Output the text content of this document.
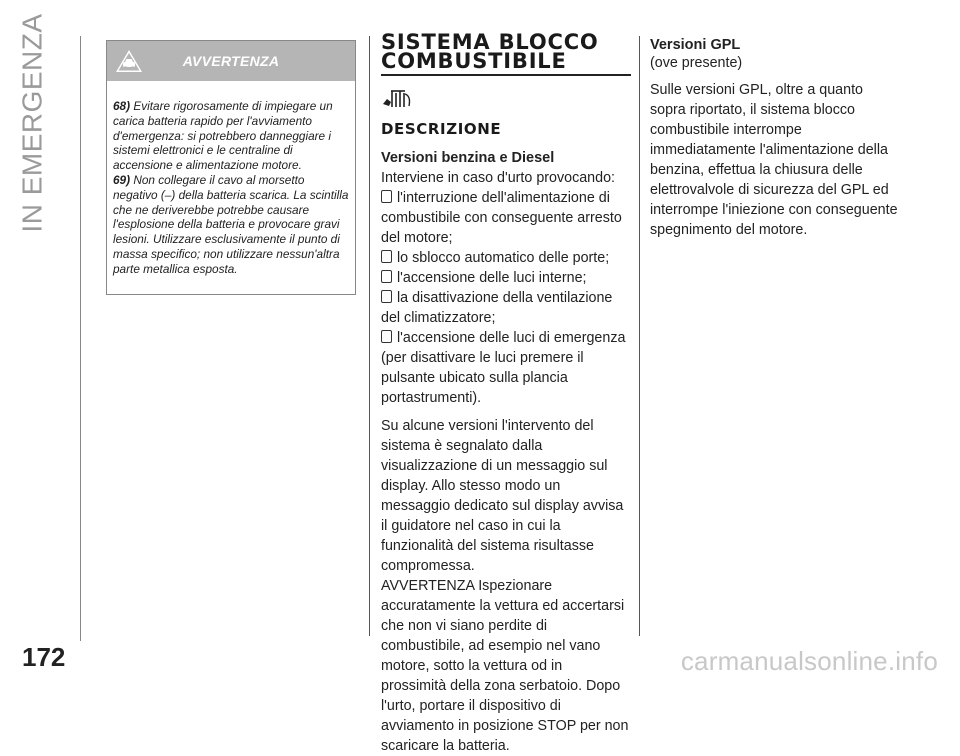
IN EMERGENZA
172
AVVERTENZA

68) Evitare rigorosamente di impiegare un carica batteria rapido per l'avviamento d'emergenza: si potrebbero danneggiare i sistemi elettronici e le centraline di accensione e alimentazione motore.

69) Non collegare il cavo al morsetto negativo (–) della batteria scarica. La scintilla che ne deriverebbe potrebbe causare l'esplosione della batteria e provocare gravi lesioni. Utilizzare esclusivamente il punto di massa specifico; non utilizzare nessun'altra parte metallica esposta.

SISTEMA BLOCCO COMBUSTIBILE
DESCRIZIONE
Versioni benzina e Diesel

Interviene in caso d'urto provocando:

l'interruzione dell'alimentazione di combustibile con conseguente arresto del motore;

lo sblocco automatico delle porte;

l'accensione delle luci interne;

la disattivazione della ventilazione del climatizzatore;

l'accensione delle luci di emergenza (per disattivare le luci premere il pulsante ubicato sulla plancia portastrumenti).

Su alcune versioni l'intervento del sistema è segnalato dalla visualizzazione di un messaggio sul display. Allo stesso modo un messaggio dedicato sul display avvisa il guidatore nel caso in cui la funzionalità del sistema risultasse compromessa.

AVVERTENZA Ispezionare accuratamente la vettura ed accertarsi che non vi siano perdite di combustibile, ad esempio nel vano motore, sotto la vettura od in prossimità della zona serbatoio. Dopo l'urto, portare il dispositivo di avviamento in posizione STOP per non scaricare la batteria.

Versioni GPL
(ove presente)

Sulle versioni GPL, oltre a quanto sopra riportato, il sistema blocco combustibile interrompe immediatamente l'alimentazione della benzina, effettua la chiusura delle elettrovalvole di sicurezza del GPL ed interrompe l'iniezione con conseguente spegnimento del motore.

carmanualsonline.info
